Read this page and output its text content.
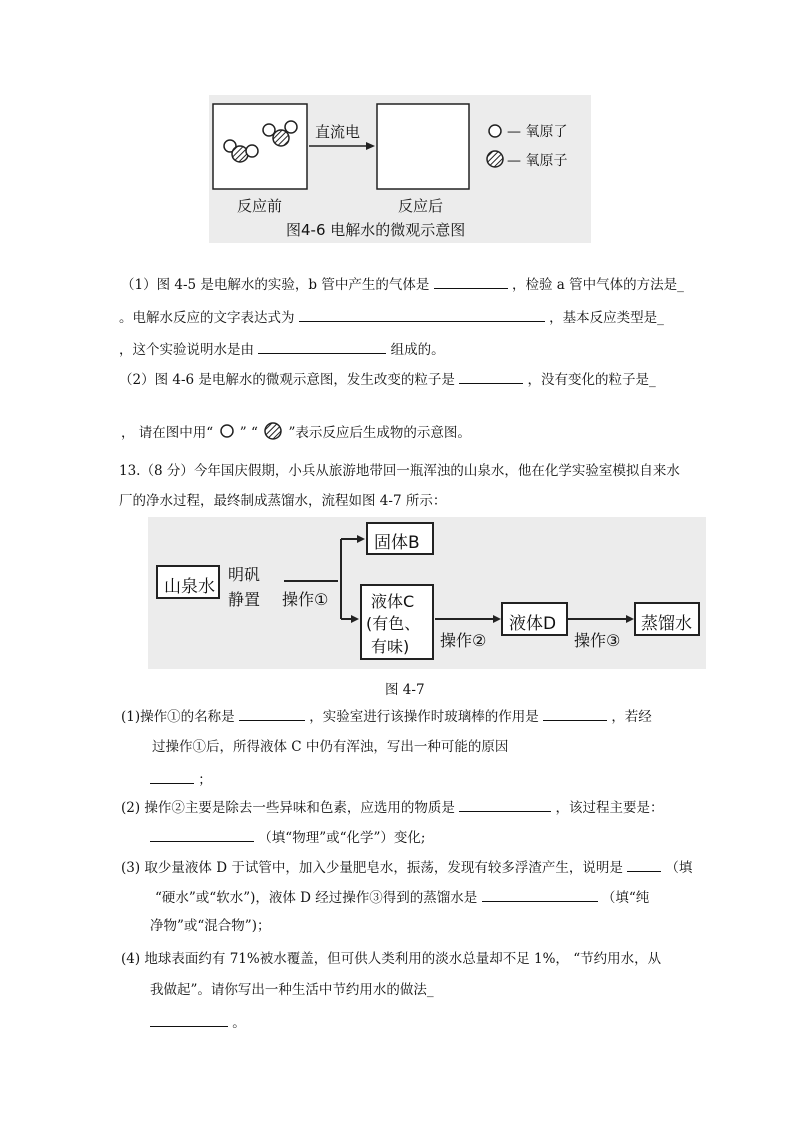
直流电	— 氧原了
— 氧原子
反应前	反应后
图4-6 电解水的微观示意图
（1）图 4-5 是电解水的实验，b 管中产生的气体是	，检验 a 管中气体的方法是_
。电解水反应的文字表达式为	，基本反应类型是_
，这个实验说明水是由	组成的。
（2）图 4-6 是电解水的微观示意图，发生改变的粒子是	，没有变化的粒子是_
， 请在图中用“ ” “ ”表示反应后生成物的示意图。
13.（8 分）今年国庆假期，小兵从旅游地带回一瓶浑浊的山泉水，他在化学实验室模拟自来水
厂的净水过程，最终制成蒸馏水，流程如图 4-7 所示：
山泉水
明矾
静置 操作①
固体B
液体C
(有色、
有味) 操作②
液体D
操作③
蒸馏水
图 4-7
(1)操作①的名称是	，实验室进行该操作时玻璃棒的作用是	，若经
过操作①后，所得液体 C 中仍有浑浊，写出一种可能的原因
；
(2) 操作②主要是除去一些异味和色素，应选用的物质是	，该过程主要是：
（填“物理”或“化学”）变化;
(3) 取少量液体 D 于试管中，加入少量肥皂水，振荡，发现有较多浮渣产生，说明是	（填
“硬水”或“软水”)，液体 D 经过操作③得到的蒸馏水是	（填“纯
净物”或“混合物”)；
(4) 地球表面约有 71%被水覆盖，但可供人类利用的淡水总量却不足 1%， “节约用水，从
我做起”。请你写出一种生活中节约用水的做法_
。
